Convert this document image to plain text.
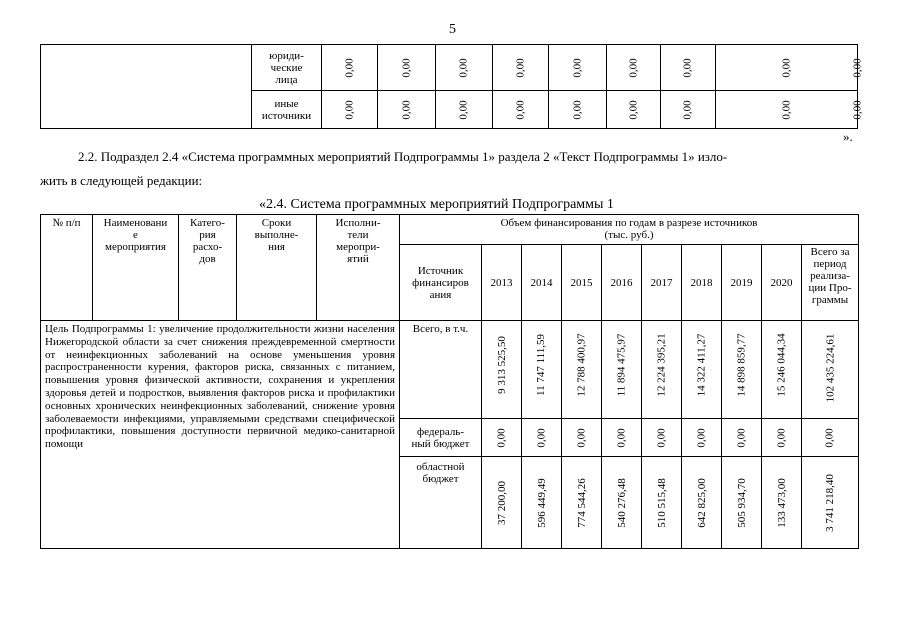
5
	юриди-
ческие
лица	0,00	0,00	0,00	0,00	0,00	0,00	0,00	0,00	0,00

	иные
источники	0,00	0,00	0,00	0,00	0,00	0,00	0,00	0,00	0,00
».
2.2. Подраздел 2.4 «Система программных мероприятий Подпрограммы 1» раздела 2 «Текст Подпрограммы 1» изло-
жить в следующей редакции:
«2.4. Система программных мероприятий Подпрограммы 1
№ п/п	Наименовани
е
мероприятия	Катего-
рия
расхо-
дов	Сроки
выполне-
ния	Исполни-
тели
меропри-
ятий	Объем финансирования по годам в разрезе источников
(тыс. руб.)									
					Источник
финансиров
ания	2013	2014	2015	2016	2017	2018	2019	2020	Всего за
период
реализа-
ции Про-
граммы
Цель Подпрограммы 1: увеличение продолжительности жизни населения Нижегородской области за счет снижения преждевременной смертности от неинфекционных заболеваний на основе уменьшения уровня распространенности курения, факторов риска, связанных с питанием, повышения уровня физической активности, сохранения и укрепления здоровья детей и подростков, выявления факторов риска и профилактики основных хронических неинфекционных заболеваний, снижение уровня заболеваемости инфекциями, управляемыми средствами специфической профилактики, повышения доступности первичной медико-санитарной помощи					Всего, в т.ч.	9 313 525,50	11 747 111,59	12 788 400,97	11 894 475,97	12 224 395,21	14 322 411,27	14 898 859,77	15 246 044,34	102 435 224,61

					федераль-
ный бюджет	0,00	0,00	0,00	0,00	0,00	0,00	0,00	0,00	0,00

					областной
бюджет	37 200,00	596 449,49	774 544,26	540 276,48	510 515,48	642 825,00	505 934,70	133 473,00	3 741 218,40
